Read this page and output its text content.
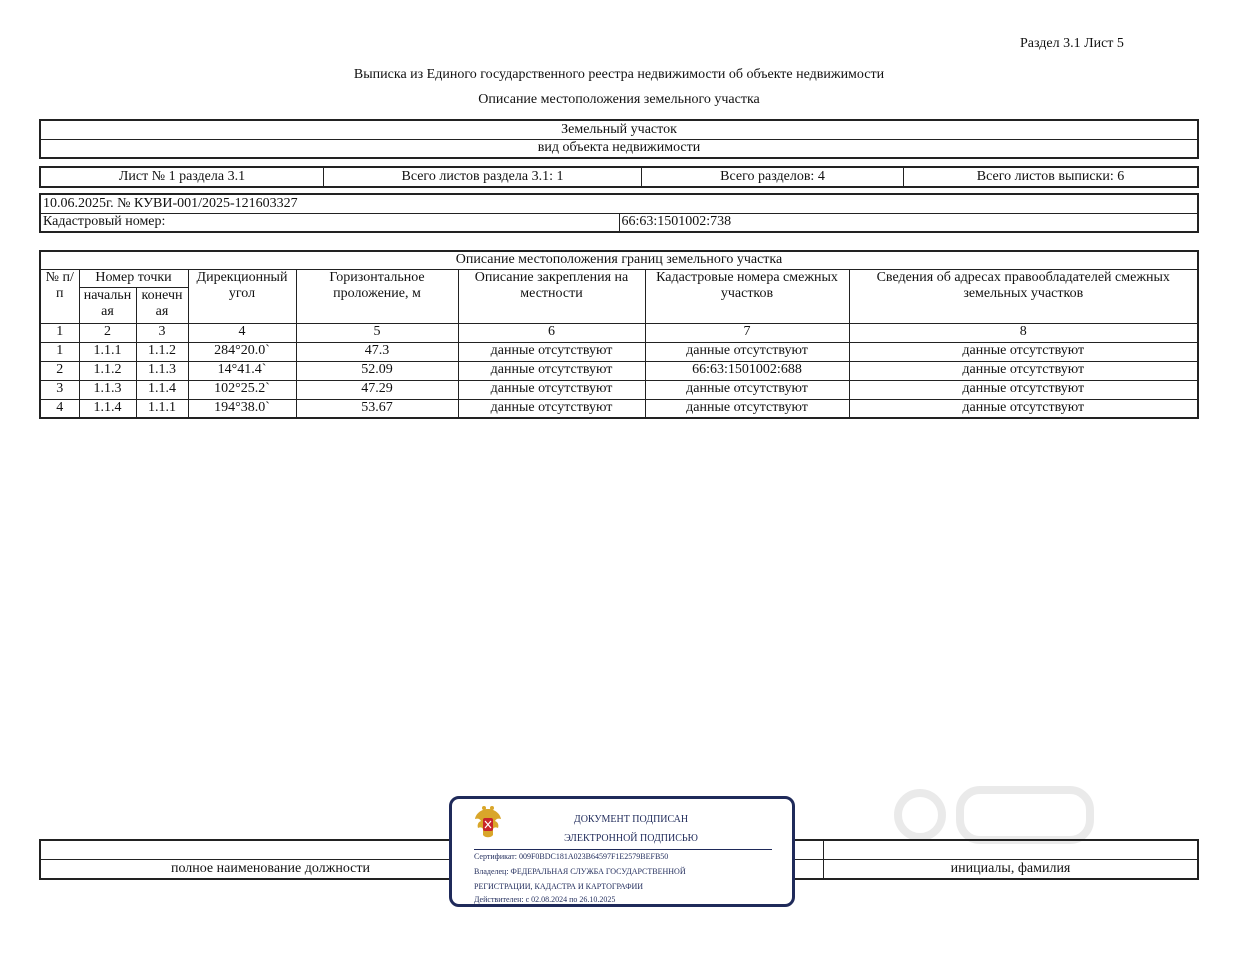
Раздел 3.1 Лист 5
Выписка из Единого государственного реестра недвижимости об объекте недвижимости
Описание местоположения земельного участка
Земельный участок
вид объекта недвижимости
Лист № 1 раздела 3.1	Всего листов раздела 3.1: 1	Всего разделов: 4	Всего листов выписки: 6
10.06.2025г. № КУВИ-001/2025-121603327
Кадастровый номер:	66:63:1501002:738
Описание местоположения границ земельного участка							
№ п/п	Номер точки		Дирекционный угол	Горизонтальное проложение, м	Описание закрепления на местности	Кадастровые номера смежных участков	Сведения об адресах правообладателей смежных земельных участков
	начальн ая	конечн ая					
1	2	3	4	5	6	7	8
1	1.1.1	1.1.2	284°20.0`	47.3	данные отсутствуют	данные отсутствуют	данные отсутствуют
2	1.1.2	1.1.3	14°41.4`	52.09	данные отсутствуют	66:63:1501002:688	данные отсутствуют
3	1.1.3	1.1.4	102°25.2`	47.29	данные отсутствуют	данные отсутствуют	данные отсутствуют
4	1.1.4	1.1.1	194°38.0`	53.67	данные отсутствуют	данные отсутствуют	данные отсутствуют

полное наименование должности		инициалы, фамилия
ДОКУМЕНТ ПОДПИСАН
ЭЛЕКТРОННОЙ ПОДПИСЬЮ
Сертификат: 009F0BDC181A023B64597F1E2579BEFB50
Владелец: ФЕДЕРАЛЬНАЯ СЛУЖБА ГОСУДАРСТВЕННОЙ
РЕГИСТРАЦИИ, КАДАСТРА И КАРТОГРАФИИ
Действителен: с 02.08.2024 по 26.10.2025
